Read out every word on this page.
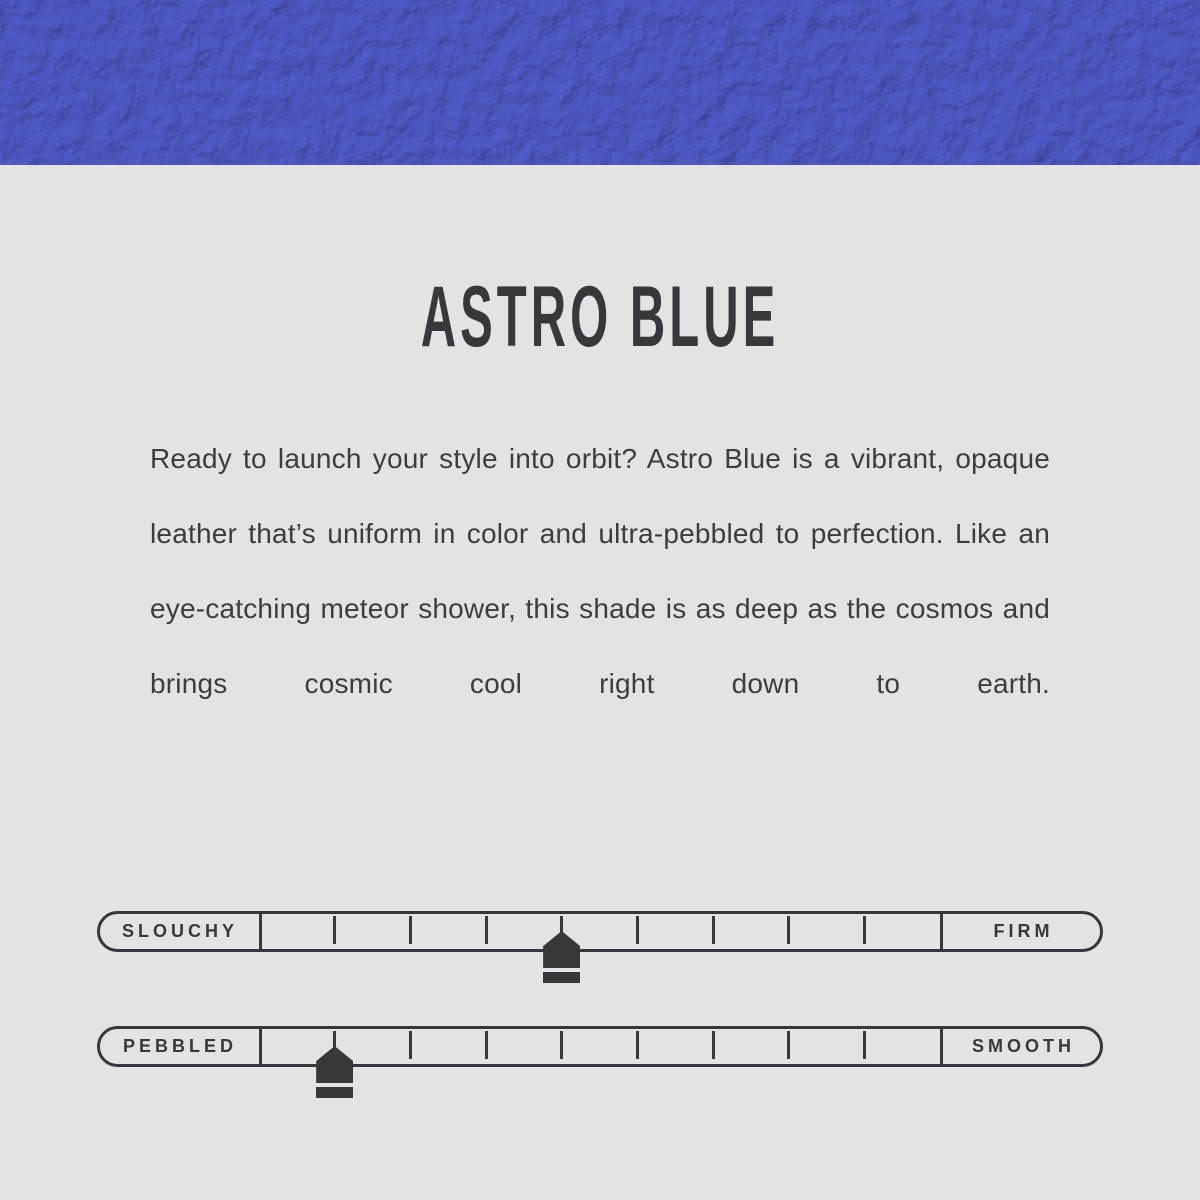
ASTRO BLUE

Ready to launch your style into orbit? Astro Blue is a vibrant, opaque leather that’s uniform in color and ultra-pebbled to perfection. Like an eye-catching meteor shower, this shade is as deep as the cosmos and brings cosmic cool right down to earth.

SLOUCHY	FIRM
PEBBLED	SMOOTH
